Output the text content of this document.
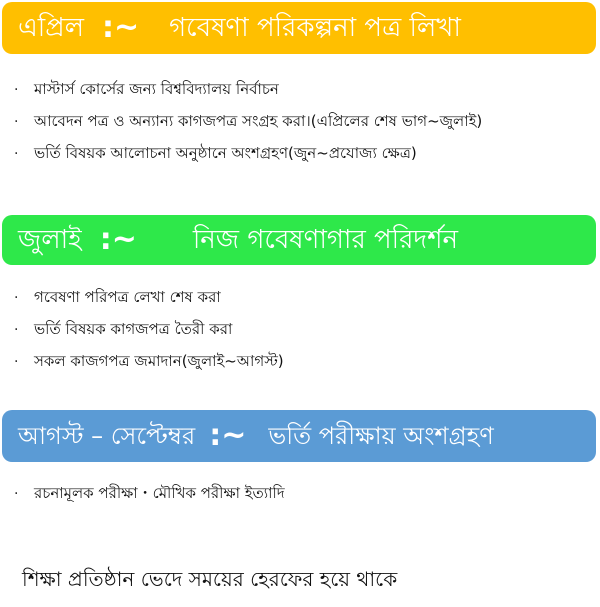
এপ্রিল :~ গবেষণা পরিকল্পনা পত্র লিখা
·	মাস্টার্স কোর্সের জন্য বিশ্ববিদ্যালয় নির্বাচন
·	আবেদন পত্র ও অন্যান্য কাগজপত্র সংগ্রহ করা।(এপ্রিলের শেষ ভাগ~জুলাই)
·	ভর্তি বিষয়ক আলোচনা অনুষ্ঠানে অংশগ্রহণ(জুন~প্রযোজ্য ক্ষেত্র)
জুলাই :~ নিজ গবেষণাগার পরিদর্শন
·	গবেষণা পরিপত্র লেখা শেষ করা
·	ভর্তি বিষয়ক কাগজপত্র তৈরী করা
·	সকল কাজগপত্র জমাদান(জুলাই~আগস্ট)
আগস্ট – সেপ্টেম্বর :~ ভর্তি পরীক্ষায় অংশগ্রহণ
·	রচনামূলক পরীক্ষা・মৌখিক পরীক্ষা ইত্যাদি
শিক্ষা প্রতিষ্ঠান ভেদে সময়ের হেরফের হয়ে থাকে
